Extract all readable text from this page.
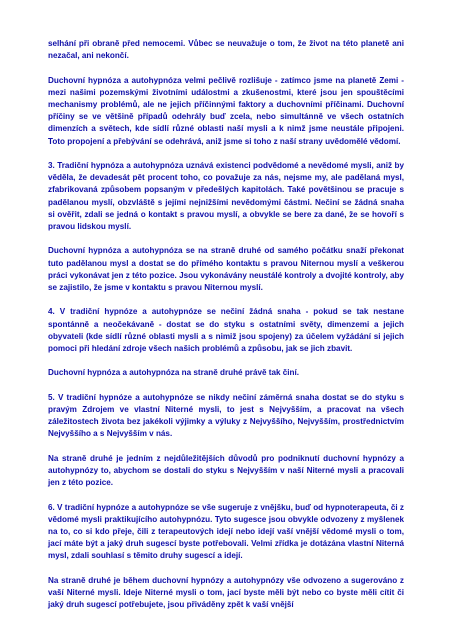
selhání při obraně před nemocemi. Vůbec se neuvažuje o tom, že život na této planetě ani nezačal, ani nekončí.

Duchovní hypnóza a autohypnóza velmi pečlivě rozlišuje - zatímco jsme na planetě Zemi - mezi našimi pozemskými životními událostmi a zkušenostmi, které jsou jen spouštěcími mechanismy problémů, ale ne jejich příčinnými faktory a duchovními příčinami. Duchovní příčiny se ve většině případů odehrály buď zcela, nebo simultánně ve všech ostatních dimenzích a světech, kde sídlí různé oblasti naší mysli a k nimž jsme neustále připojeni. Toto propojení a přebývání se odehrává, aniž jsme si toho z naší strany uvědomělé vědomí.

3. Tradiční hypnóza a autohypnóza uznává existenci podvědomé a nevědomé mysli, aniž by věděla, že devadesát pět procent toho, co považuje za nás, nejsme my, ale padělaná mysl, zfabrikovaná způsobem popsaným v předešlých kapitolách. Také povětšinou se pracuje s padělanou myslí, obzvláště s jejími nejnižšími nevědomými částmi. Nečiní se žádná snaha si ověřit, zdali se jedná o kontakt s pravou myslí, a obvykle se bere za dané, že se hovoří s pravou lidskou myslí.

Duchovní hypnóza a autohypnóza se na straně druhé od samého počátku snaží překonat tuto padělanou mysl a dostat se do přímého kontaktu s pravou Niternou myslí a veškerou práci vykonávat jen z této pozice. Jsou vykonávány neustálé kontroly a dvojité kontroly, aby se zajistilo, že jsme v kontaktu s pravou Niternou myslí.

4. V tradiční hypnóze a autohypnóze se nečiní žádná snaha - pokud se tak nestane spontánně a neočekávaně - dostat se do styku s ostatními světy, dimenzemi a jejich obyvateli (kde sídlí různé oblasti mysli a s nimiž jsou spojeny) za účelem vyžádání si jejich pomoci při hledání zdroje všech našich problémů a způsobu, jak se jich zbavit.

Duchovní hypnóza a autohypnóza na straně druhé právě tak činí.

5. V tradiční hypnóze a autohypnóze se nikdy nečiní záměrná snaha dostat se do styku s pravým Zdrojem ve vlastní Niterné mysli, to jest s Nejvyšším, a pracovat na všech záležitostech života bez jakékoli výjimky a výluky z Nejvyššího, Nejvyšším, prostřednictvím Nejvyššího a s Nejvyšším v nás.

Na straně druhé je jedním z nejdůležitějších důvodů pro podniknutí duchovní hypnózy a autohypnózy to, abychom se dostali do styku s Nejvyšším v naší Niterné mysli a pracovali jen z této pozice.

6. V tradiční hypnóze a autohypnóze se vše sugeruje z vnějšku, buď od hypnoterapeuta, či z vědomé mysli praktikujícího autohypnózu. Tyto sugesce jsou obvykle odvozeny z myšlenek na to, co si kdo přeje, čili z terapeutových idejí nebo idejí vaší vnější vědomé mysli o tom, jací máte být a jaký druh sugescí byste potřebovali. Velmi zřídka je dotázána vlastní Niterná mysl, zdali souhlasí s těmito druhy sugescí a idejí.

Na straně druhé je během duchovní hypnózy a autohypnózy vše odvozeno a sugerováno z vaší Niterné mysli. Ideje Niterné mysli o tom, jací byste měli být nebo co byste měli cítit či jaký druh sugescí potřebujete, jsou přiváděny zpět k vaší vnější
